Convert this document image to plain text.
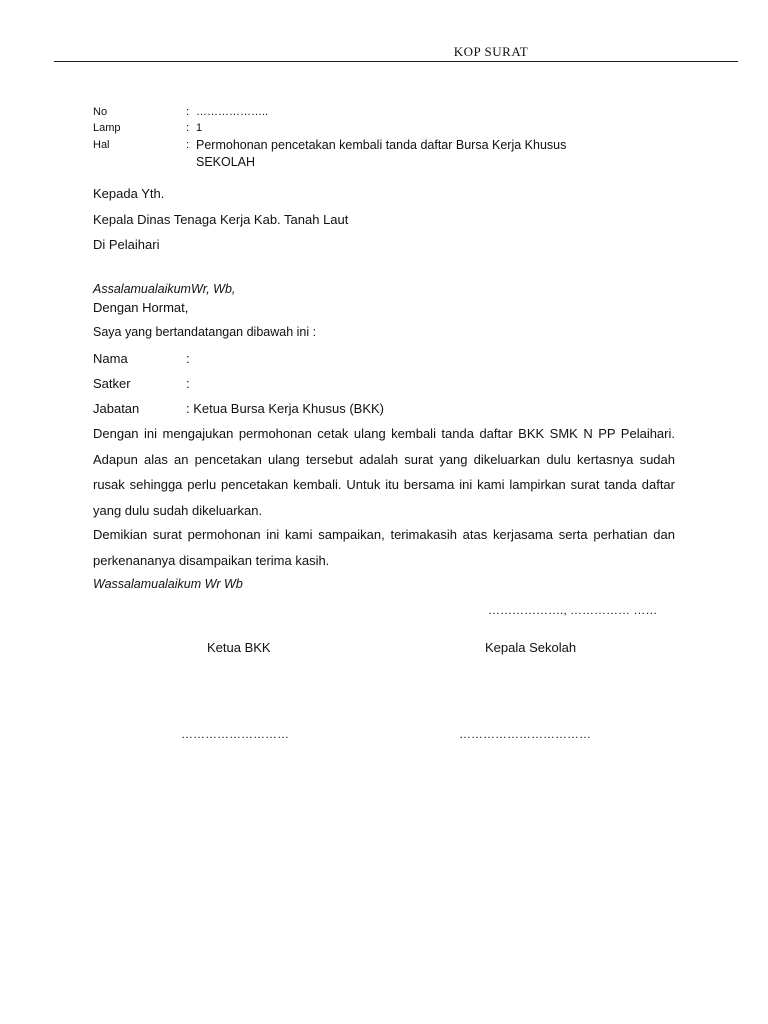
KOP SURAT
No	: ………………..
Lamp	: 1
Hal	: Permohonan pencetakan kembali tanda daftar Bursa Kerja Khusus
SEKOLAH
Kepada Yth.
Kepala Dinas Tenaga Kerja Kab. Tanah Laut
Di Pelaihari
AssalamualaikumWr, Wb,
Dengan Hormat,
Saya yang bertandatangan dibawah ini :
Nama	:
Satker	:
Jabatan	: Ketua Bursa Kerja Khusus (BKK)
Dengan ini mengajukan permohonan cetak ulang kembali tanda daftar BKK SMK N PP Pelaihari. Adapun alas an pencetakan ulang tersebut adalah surat yang dikeluarkan dulu kertasnya sudah rusak sehingga perlu pencetakan kembali. Untuk itu bersama ini kami lampirkan surat tanda daftar yang dulu sudah dikeluarkan.
Demikian surat permohonan ini kami sampaikan, terimakasih atas kerjasama serta perhatian dan perkenananya disampaikan terima kasih.
Wassalamualaikum Wr Wb
………………., …………… ……
Ketua BKK	Kepala Sekolah
………………………	……………………………
